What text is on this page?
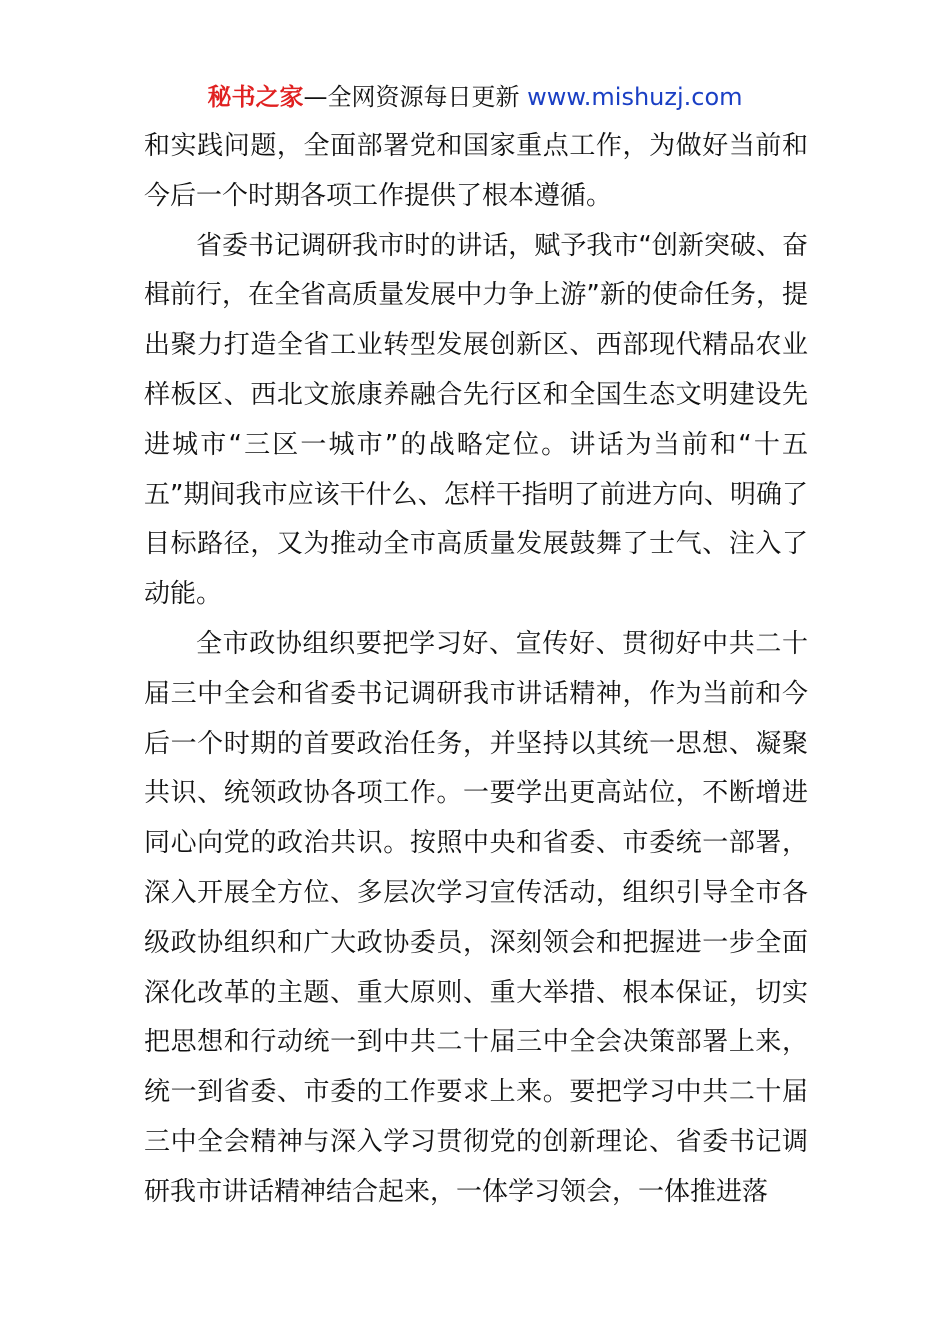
秘书之家—全网资源每日更新 www.mishuzj.com

和实践问题，全面部署党和国家重点工作，为做好当前和今后一个时期各项工作提供了根本遵循。

省委书记调研我市时的讲话，赋予我市“创新突破、奋楫前行，在全省高质量发展中力争上游”新的使命任务，提出聚力打造全省工业转型发展创新区、西部现代精品农业样板区、西北文旅康养融合先行区和全国生态文明建设先进城市“三区一城市”的战略定位。讲话为当前和“十五五”期间我市应该干什么、怎样干指明了前进方向、明确了目标路径，又为推动全市高质量发展鼓舞了士气、注入了动能。

全市政协组织要把学习好、宣传好、贯彻好中共二十届三中全会和省委书记调研我市讲话精神，作为当前和今后一个时期的首要政治任务，并坚持以其统一思想、凝聚共识、统领政协各项工作。一要学出更高站位，不断增进同心向党的政治共识。按照中央和省委、市委统一部署，深入开展全方位、多层次学习宣传活动，组织引导全市各级政协组织和广大政协委员，深刻领会和把握进一步全面深化改革的主题、重大原则、重大举措、根本保证，切实把思想和行动统一到中共二十届三中全会决策部署上来，统一到省委、市委的工作要求上来。要把学习中共二十届三中全会精神与深入学习贯彻党的创新理论、省委书记调研我市讲话精神结合起来，一体学习领会，一体推进落
